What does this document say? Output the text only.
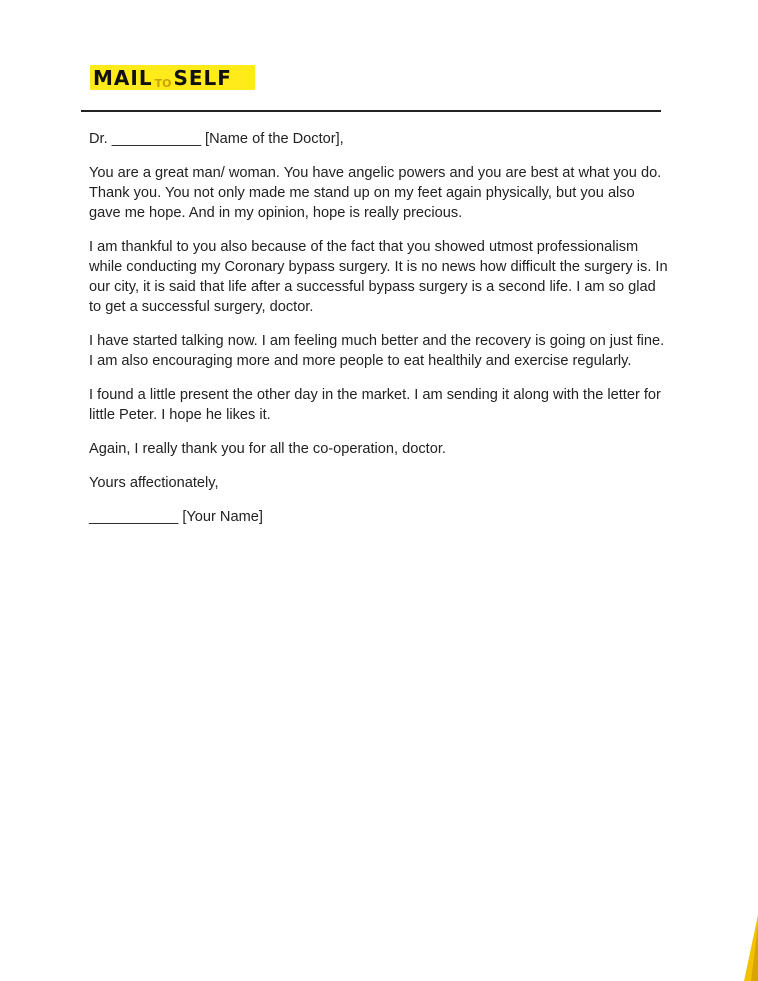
MAIL TO SELF

Dr. ___________ [Name of the Doctor],

You are a great man/ woman. You have angelic powers and you are best at what you do. Thank you. You not only made me stand up on my feet again physically, but you also gave me hope. And in my opinion, hope is really precious.

I am thankful to you also because of the fact that you showed utmost professionalism while conducting my Coronary bypass surgery. It is no news how difficult the surgery is. In our city, it is said that life after a successful bypass surgery is a second life. I am so glad to get a successful surgery, doctor.

I have started talking now. I am feeling much better and the recovery is going on just fine. I am also encouraging more and more people to eat healthily and exercise regularly.

I found a little present the other day in the market. I am sending it along with the letter for little Peter. I hope he likes it.

Again, I really thank you for all the co-operation, doctor.

Yours affectionately,

___________ [Your Name]
